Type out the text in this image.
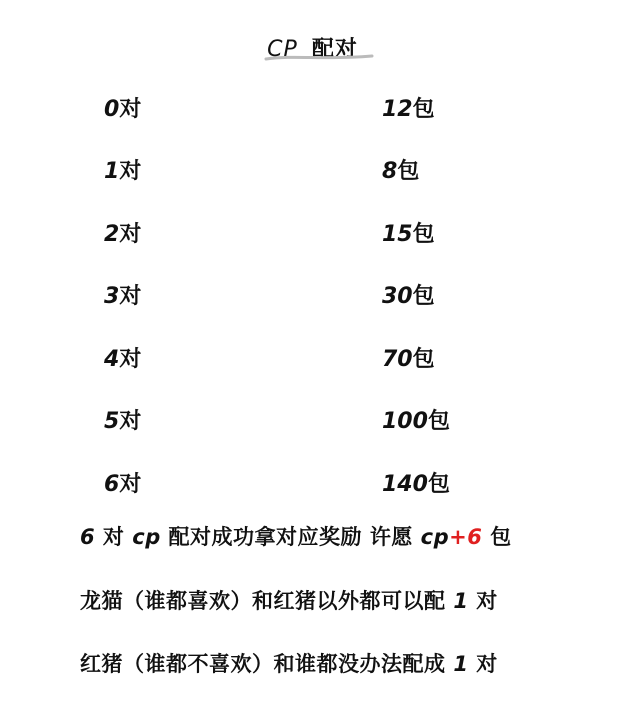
CP 配对
0对	12包
1对	8包
2对	15包
3对	30包
4对	70包
5对	100包
6对	140包
6 对 cp 配对成功拿对应奖励 许愿 cp+6 包
龙猫（谁都喜欢）和红猪以外都可以配 1 对
红猪（谁都不喜欢）和谁都没办法配成 1 对
